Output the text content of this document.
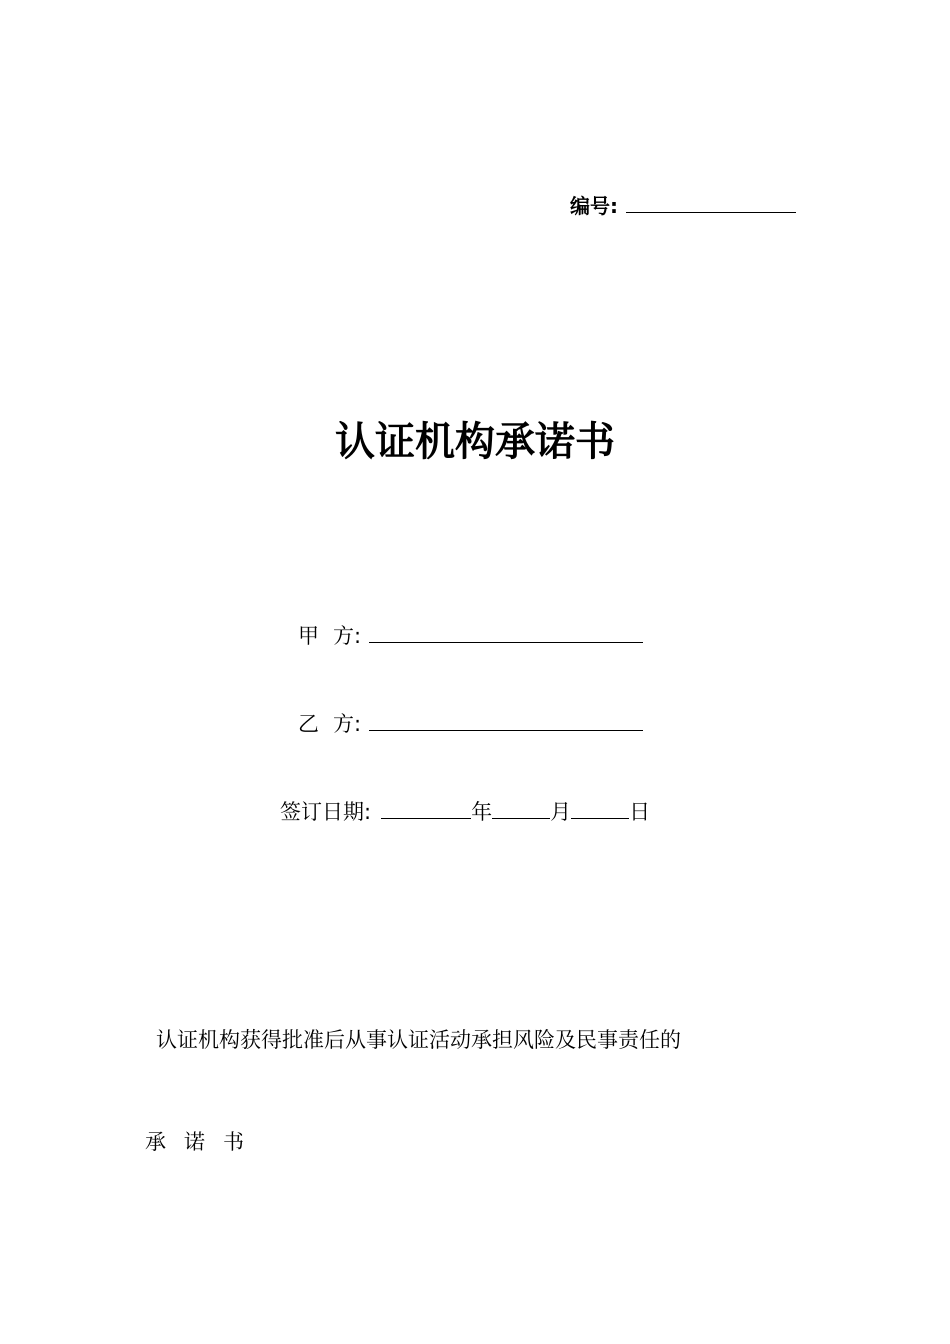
编号:
认证机构承诺书
甲 方:
乙 方:
签订日期:	年	月	日
认证机构获得批准后从事认证活动承担风险及民事责任的
承诺书
